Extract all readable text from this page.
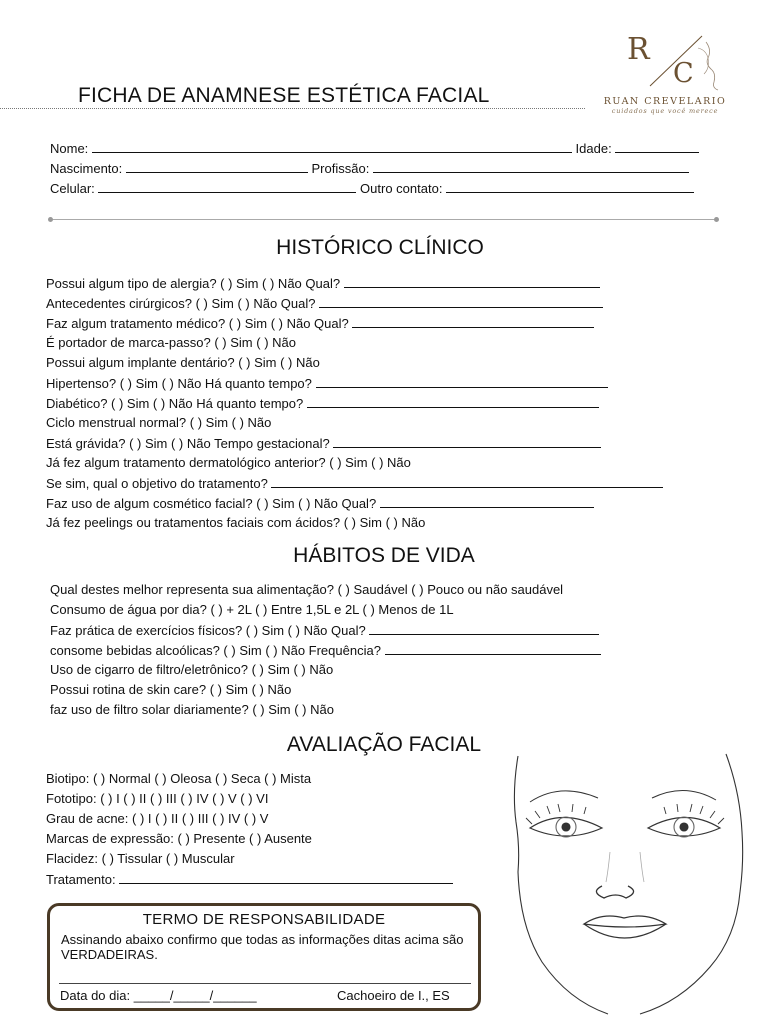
FICHA DE ANAMNESE ESTÉTICA FACIAL
R
C
RUAN CREVELARIO
cuidados que você merece
Nome:	Idade:
Nascimento:	Profissão:
Celular:	Outro contato:
HISTÓRICO CLÍNICO
Possui algum tipo de alergia? ( ) Sim ( ) Não Qual?
Antecedentes cirúrgicos? ( ) Sim ( ) Não Qual?
Faz algum tratamento médico? ( ) Sim ( ) Não Qual?
É portador de marca-passo? ( ) Sim ( ) Não
Possui algum implante dentário? ( ) Sim ( ) Não
Hipertenso? ( ) Sim ( ) Não Há quanto tempo?
Diabético? ( ) Sim ( ) Não Há quanto tempo?
Ciclo menstrual normal? ( ) Sim ( ) Não
Está grávida? ( ) Sim ( ) Não Tempo gestacional?
Já fez algum tratamento dermatológico anterior? ( ) Sim ( ) Não
Se sim, qual o objetivo do tratamento?
Faz uso de algum cosmético facial? ( ) Sim ( ) Não Qual?
Já fez peelings ou tratamentos faciais com ácidos? ( ) Sim ( ) Não
HÁBITOS DE VIDA
Qual destes melhor representa sua alimentação? ( ) Saudável ( ) Pouco ou não saudável
Consumo de água por dia? ( ) + 2L ( ) Entre 1,5L e 2L ( ) Menos de 1L
Faz prática de exercícios físicos? ( ) Sim ( ) Não Qual?
consome bebidas alcoólicas? ( ) Sim ( ) Não Frequência?
Uso de cigarro de filtro/eletrônico? ( ) Sim ( ) Não
Possui rotina de skin care? ( ) Sim ( ) Não
faz uso de filtro solar diariamente? ( ) Sim ( ) Não
AVALIAÇÃO FACIAL
Biotipo: ( ) Normal ( ) Oleosa ( ) Seca ( ) Mista
Fototipo: ( ) I ( ) II ( ) III ( ) IV ( ) V ( ) VI
Grau de acne: ( ) I ( ) II ( ) III ( ) IV ( ) V
Marcas de expressão: ( ) Presente ( ) Ausente
Flacidez: ( ) Tissular ( ) Muscular
Tratamento:
TERMO DE RESPONSABILIDADE
Assinando abaixo confirmo que todas as informações ditas acima são VERDADEIRAS.
Data do dia: _____/_____/______	Cachoeiro de I., ES
